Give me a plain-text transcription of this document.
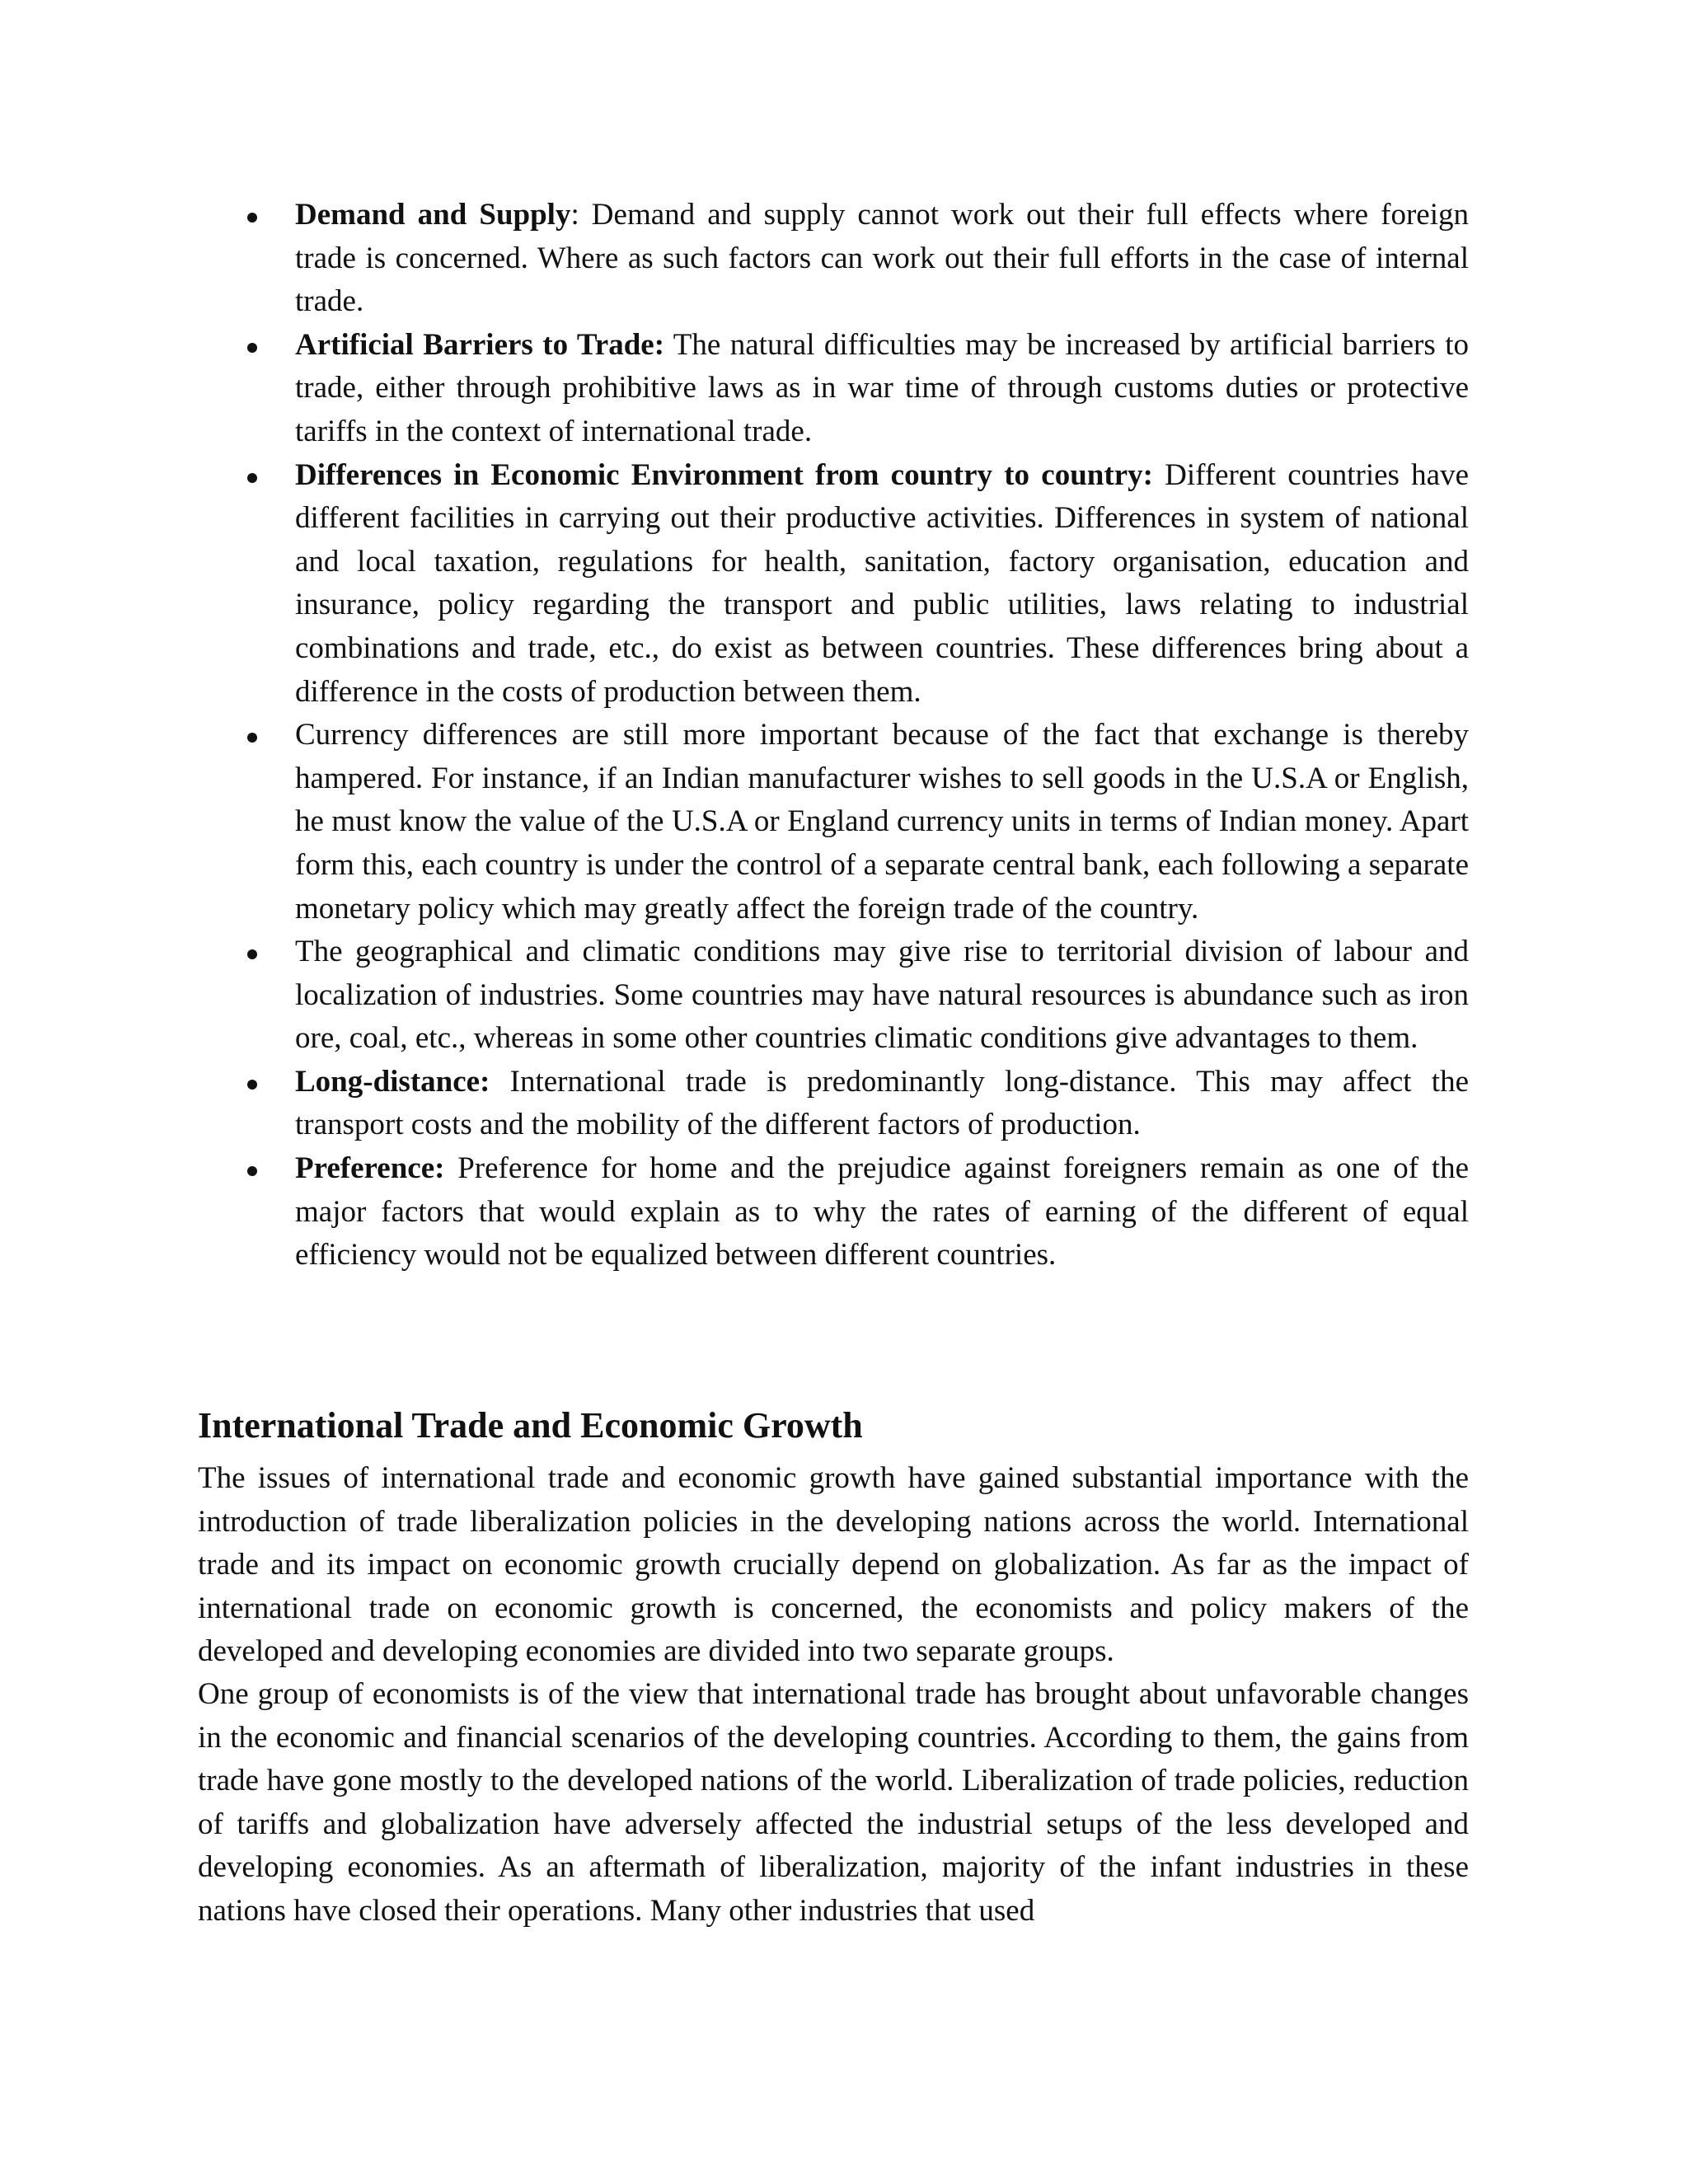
Demand and Supply: Demand and supply cannot work out their full effects where foreign trade is concerned. Where as such factors can work out their full efforts in the case of internal trade.
Artificial Barriers to Trade: The natural difficulties may be increased by artificial barriers to trade, either through prohibitive laws as in war time of through customs duties or protective tariffs in the context of international trade.
Differences in Economic Environment from country to country: Different countries have different facilities in carrying out their productive activities. Differences in system of national and local taxation, regulations for health, sanitation, factory organisation, education and insurance, policy regarding the transport and public utilities, laws relating to industrial combinations and trade, etc., do exist as between countries. These differences bring about a difference in the costs of production between them.
Currency differences are still more important because of the fact that exchange is thereby hampered. For instance, if an Indian manufacturer wishes to sell goods in the U.S.A or English, he must know the value of the U.S.A or England currency units in terms of Indian money. Apart form this, each country is under the control of a separate central bank, each following a separate monetary policy which may greatly affect the foreign trade of the country.
The geographical and climatic conditions may give rise to territorial division of labour and localization of industries. Some countries may have natural resources is abundance such as iron ore, coal, etc., whereas in some other countries climatic conditions give advantages to them.
Long-distance: International trade is predominantly long-distance. This may affect the transport costs and the mobility of the different factors of production.
Preference: Preference for home and the prejudice against foreigners remain as one of the major factors that would explain as to why the rates of earning of the different of equal efficiency would not be equalized between different countries.
International Trade and Economic Growth

The issues of international trade and economic growth have gained substantial importance with the introduction of trade liberalization policies in the developing nations across the world. International trade and its impact on economic growth crucially depend on globalization. As far as the impact of international trade on economic growth is concerned, the economists and policy makers of the developed and developing economies are divided into two separate groups.

One group of economists is of the view that international trade has brought about unfavorable changes in the economic and financial scenarios of the developing countries. According to them, the gains from trade have gone mostly to the developed nations of the world. Liberalization of trade policies, reduction of tariffs and globalization have adversely affected the industrial setups of the less developed and developing economies. As an aftermath of liberalization, majority of the infant industries in these nations have closed their operations. Many other industries that used
